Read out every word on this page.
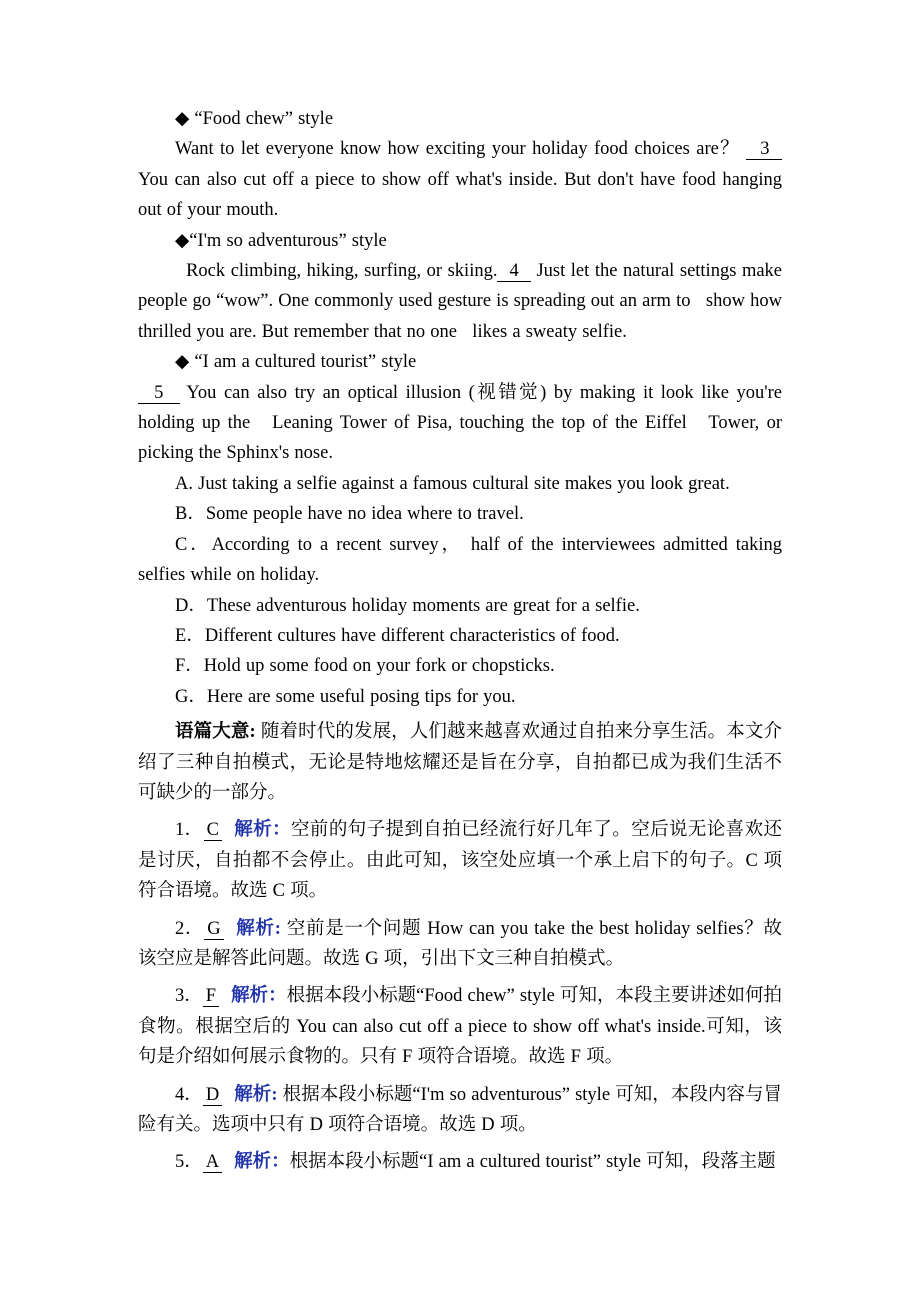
◆ “Food chew” style

Want to let everyone know how exciting your holiday food choices are？   3   You can also cut off a piece to show off what's inside. But don't have food hanging out of your mouth.

◆“I'm so adventurous” style

Rock climbing, hiking, surfing, or skiing.  4   Just let the natural settings make people go “wow”. One commonly used gesture is spreading out an arm to   show how thrilled you are. But remember that no one   likes a sweaty selfie.

◆ “I am a cultured tourist” style

5   You can also try an optical illusion (视错觉) by making it look like you're holding up the   Leaning Tower of Pisa, touching the top of the Eiffel   Tower, or picking the Sphinx's nose.

A. Just taking a selfie against a famous cultural site makes you look great.

B．Some people have no idea where to travel.

C．According to a recent survey， half of the interviewees admitted taking selfies while on holiday.

D．These adventurous holiday moments are great for a selfie.

E．Different cultures have different characteristics of food.

F．Hold up some food on your fork or chopsticks.

G．Here are some useful posing tips for you.

语篇大意: 随着时代的发展，人们越来越喜欢通过自拍来分享生活。本文介绍了三种自拍模式，无论是特地炫耀还是旨在分享，自拍都已成为我们生活不可缺少的一部分。

1． C 解析：空前的句子提到自拍已经流行好几年了。空后说无论喜欢还是讨厌，自拍都不会停止。由此可知，该空处应填一个承上启下的句子。C 项符合语境。故选 C 项。

2． G 解析: 空前是一个问题 How can you take the best holiday selfies？故该空应是解答此问题。故选 G 项，引出下文三种自拍模式。

3． F 解析：根据本段小标题“Food chew” style 可知，本段主要讲述如何拍食物。根据空后的 You can also cut off a piece to show off what's inside.可知，该句是介绍如何展示食物的。只有 F 项符合语境。故选 F 项。

4． D 解析: 根据本段小标题“I'm so adventurous” style 可知，本段内容与冒险有关。选项中只有 D 项符合语境。故选 D 项。

5． A 解析：根据本段小标题“I am a cultured tourist” style 可知，段落主题
